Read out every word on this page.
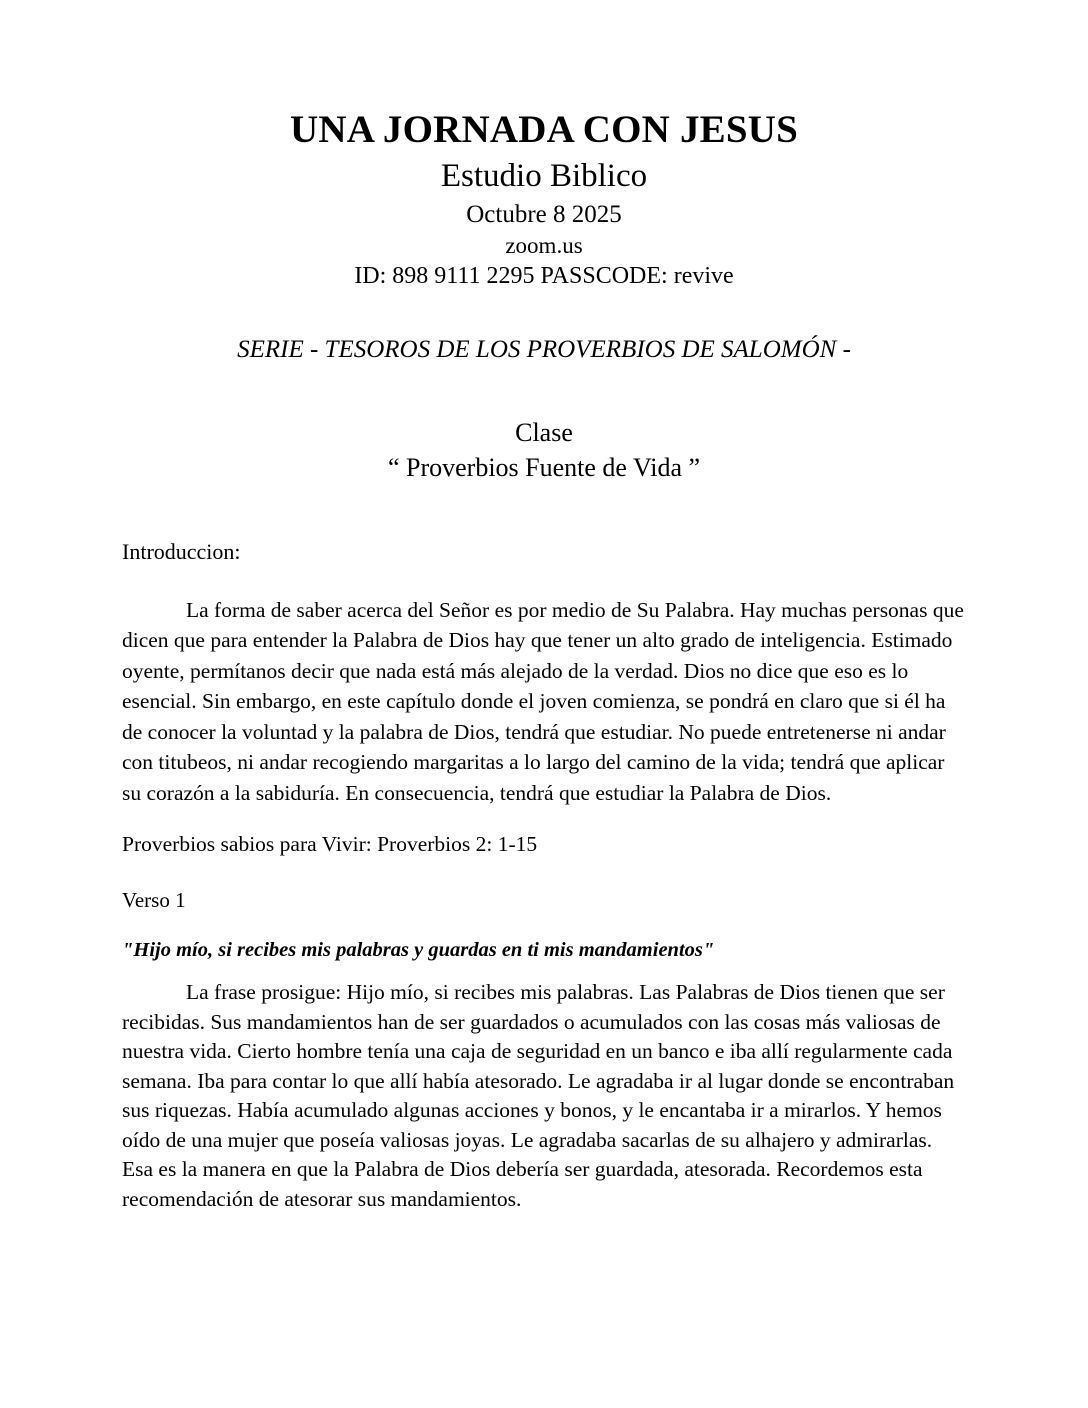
UNA JORNADA CON JESUS
Estudio Biblico
Octubre 8 2025
zoom.us
ID: 898 9111 2295 PASSCODE: revive
SERIE - TESOROS DE LOS PROVERBIOS DE SALOMÓN -
Clase
“ Proverbios Fuente de Vida ”
Introduccion:

La forma de saber acerca del Señor es por medio de Su Palabra. Hay muchas personas que dicen que para entender la Palabra de Dios hay que tener un alto grado de inteligencia. Estimado oyente, permítanos decir que nada está más alejado de la verdad. Dios no dice que eso es lo esencial. Sin embargo, en este capítulo donde el joven comienza, se pondrá en claro que si él ha de conocer la voluntad y la palabra de Dios, tendrá que estudiar. No puede entretenerse ni andar con titubeos, ni andar recogiendo margaritas a lo largo del camino de la vida; tendrá que aplicar su corazón a la sabiduría. En consecuencia, tendrá que estudiar la Palabra de Dios.

Proverbios sabios para Vivir: Proverbios 2: 1-15
Verso 1
"Hijo mío, si recibes mis palabras y guardas en ti mis mandamientos"

La frase prosigue: Hijo mío, si recibes mis palabras. Las Palabras de Dios tienen que ser recibidas. Sus mandamientos han de ser guardados o acumulados con las cosas más valiosas de nuestra vida. Cierto hombre tenía una caja de seguridad en un banco e iba allí regularmente cada semana. Iba para contar lo que allí había atesorado. Le agradaba ir al lugar donde se encontraban sus riquezas. Había acumulado algunas acciones y bonos, y le encantaba ir a mirarlos. Y hemos oído de una mujer que poseía valiosas joyas. Le agradaba sacarlas de su alhajero y admirarlas. Esa es la manera en que la Palabra de Dios debería ser guardada, atesorada. Recordemos esta recomendación de atesorar sus mandamientos.
